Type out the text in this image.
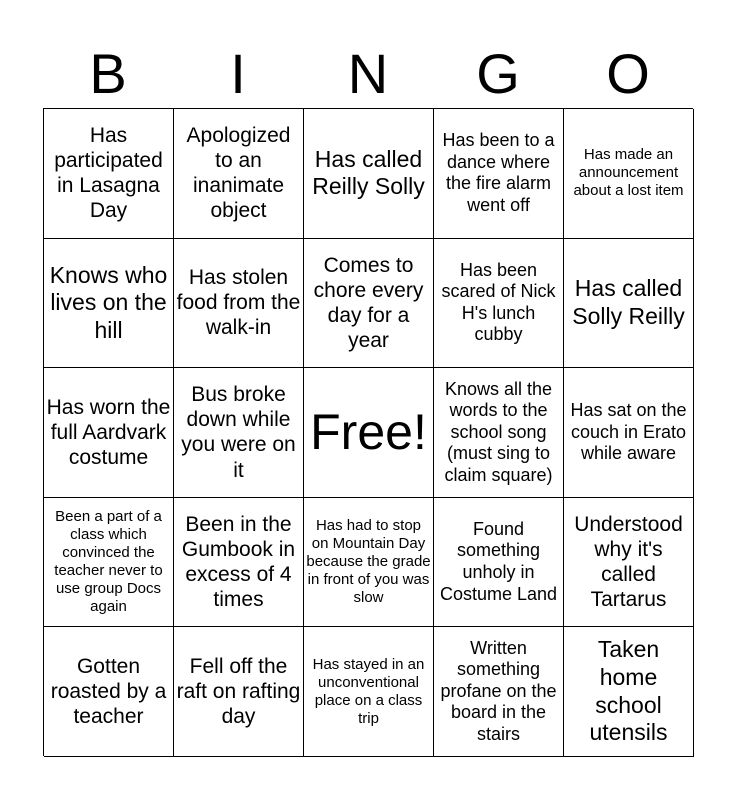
B	I	N	G	O
Has participated in Lasagna Day
Apologized to an inanimate object
Has called Reilly Solly
Has been to a dance where the fire alarm went off
Has made an announcement about a lost item
Knows who lives on the hill
Has stolen food from the walk-in
Comes to chore every day for a year
Has been scared of Nick H's lunch cubby
Has called Solly Reilly
Has worn the full Aardvark costume
Bus broke down while you were on it
Free!
Knows all the words to the school song (must sing to claim square)
Has sat on the couch in Erato while aware
Been a part of a class which convinced the teacher never to use group Docs again
Been in the Gumbook in excess of 4 times
Has had to stop on Mountain Day because the grade in front of you was slow
Found something unholy in Costume Land
Understood why it's called Tartarus
Gotten roasted by a teacher
Fell off the raft on rafting day
Has stayed in an unconventional place on a class trip
Written something profane on the board in the stairs
Taken home school utensils
